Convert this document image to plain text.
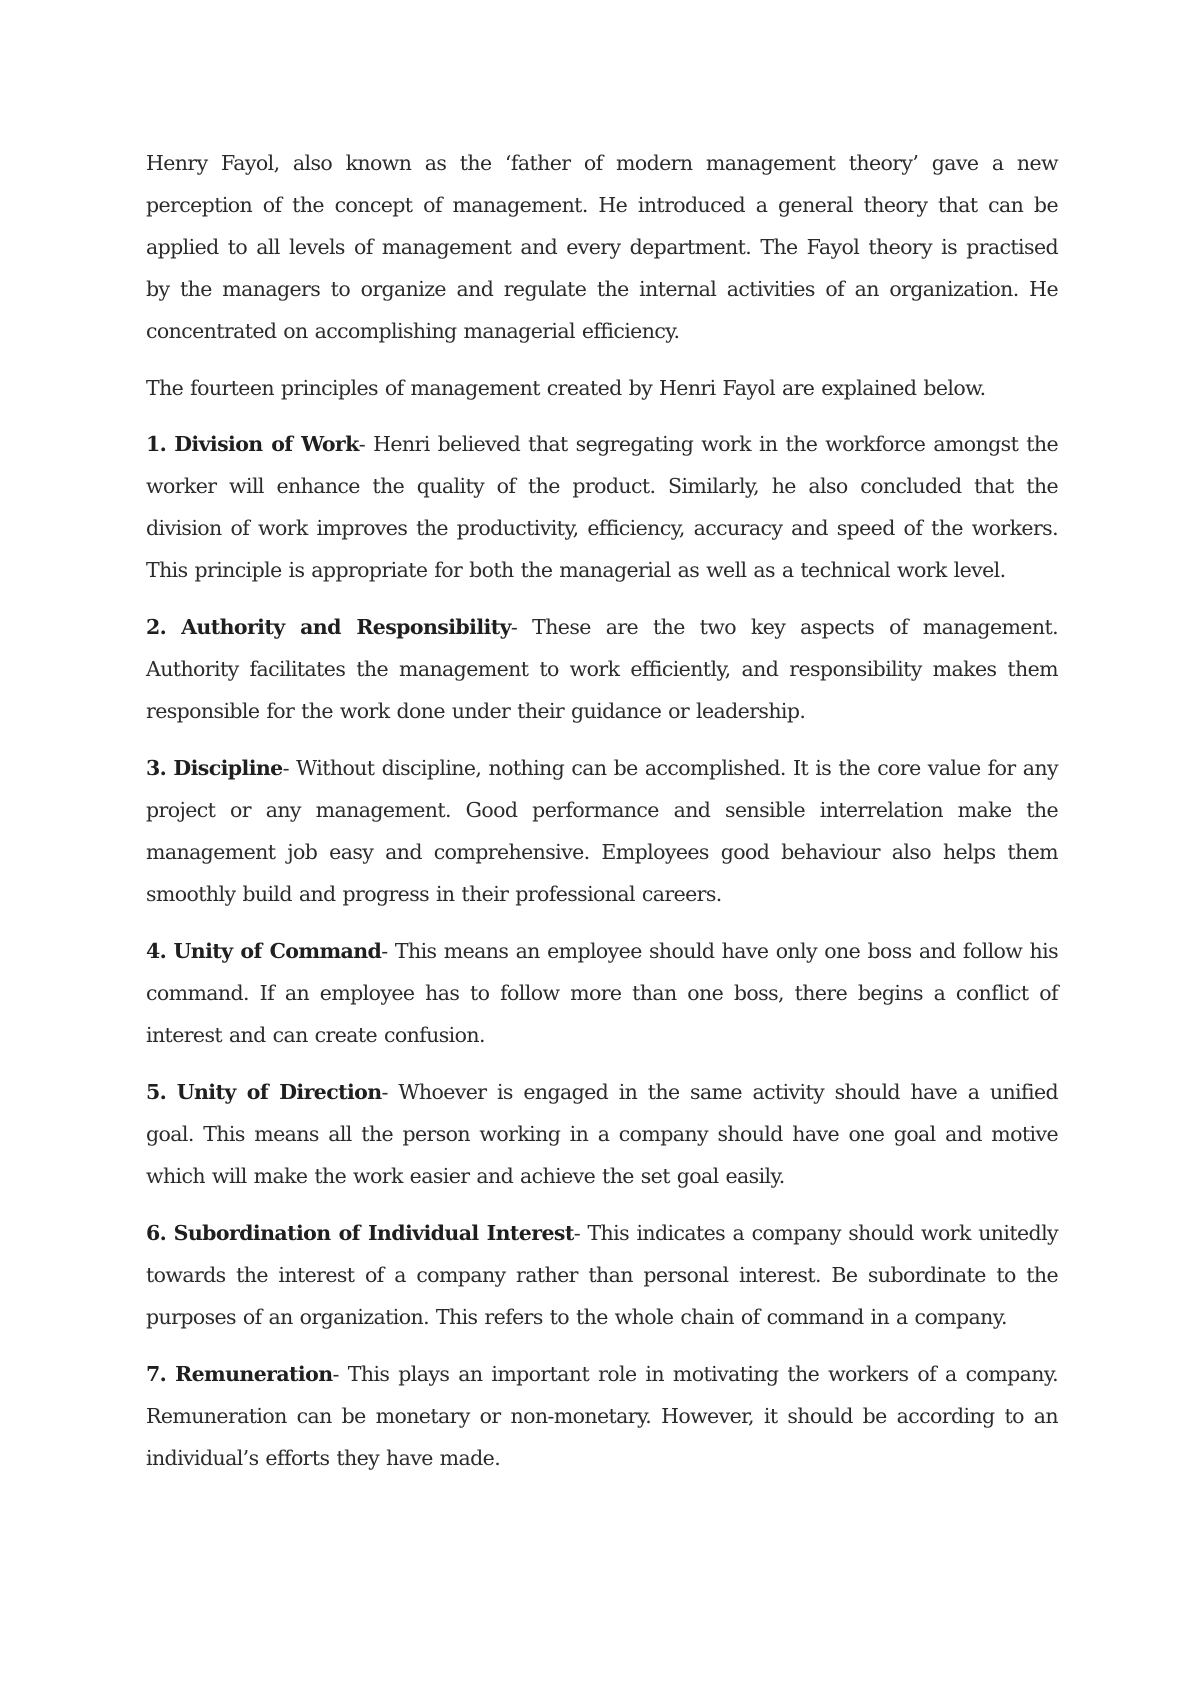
Henry Fayol, also known as the ‘father of modern management theory’ gave a new perception of the concept of management. He introduced a general theory that can be applied to all levels of management and every department. The Fayol theory is practised by the managers to organize and regulate the internal activities of an organization. He concentrated on accomplishing managerial efficiency.

The fourteen principles of management created by Henri Fayol are explained below.

1. Division of Work- Henri believed that segregating work in the workforce amongst the worker will enhance the quality of the product. Similarly, he also concluded that the division of work improves the productivity, efficiency, accuracy and speed of the workers. This principle is appropriate for both the managerial as well as a technical work level.

2. Authority and Responsibility- These are the two key aspects of management. Authority facilitates the management to work efficiently, and responsibility makes them responsible for the work done under their guidance or leadership.

3. Discipline- Without discipline, nothing can be accomplished. It is the core value for any project or any management. Good performance and sensible interrelation make the management job easy and comprehensive. Employees good behaviour also helps them smoothly build and progress in their professional careers.

4. Unity of Command- This means an employee should have only one boss and follow his command. If an employee has to follow more than one boss, there begins a conflict of interest and can create confusion.

5. Unity of Direction- Whoever is engaged in the same activity should have a unified goal. This means all the person working in a company should have one goal and motive which will make the work easier and achieve the set goal easily.

6. Subordination of Individual Interest- This indicates a company should work unitedly towards the interest of a company rather than personal interest. Be subordinate to the purposes of an organization. This refers to the whole chain of command in a company.

7. Remuneration- This plays an important role in motivating the workers of a company. Remuneration can be monetary or non-monetary. However, it should be according to an individual’s efforts they have made.
